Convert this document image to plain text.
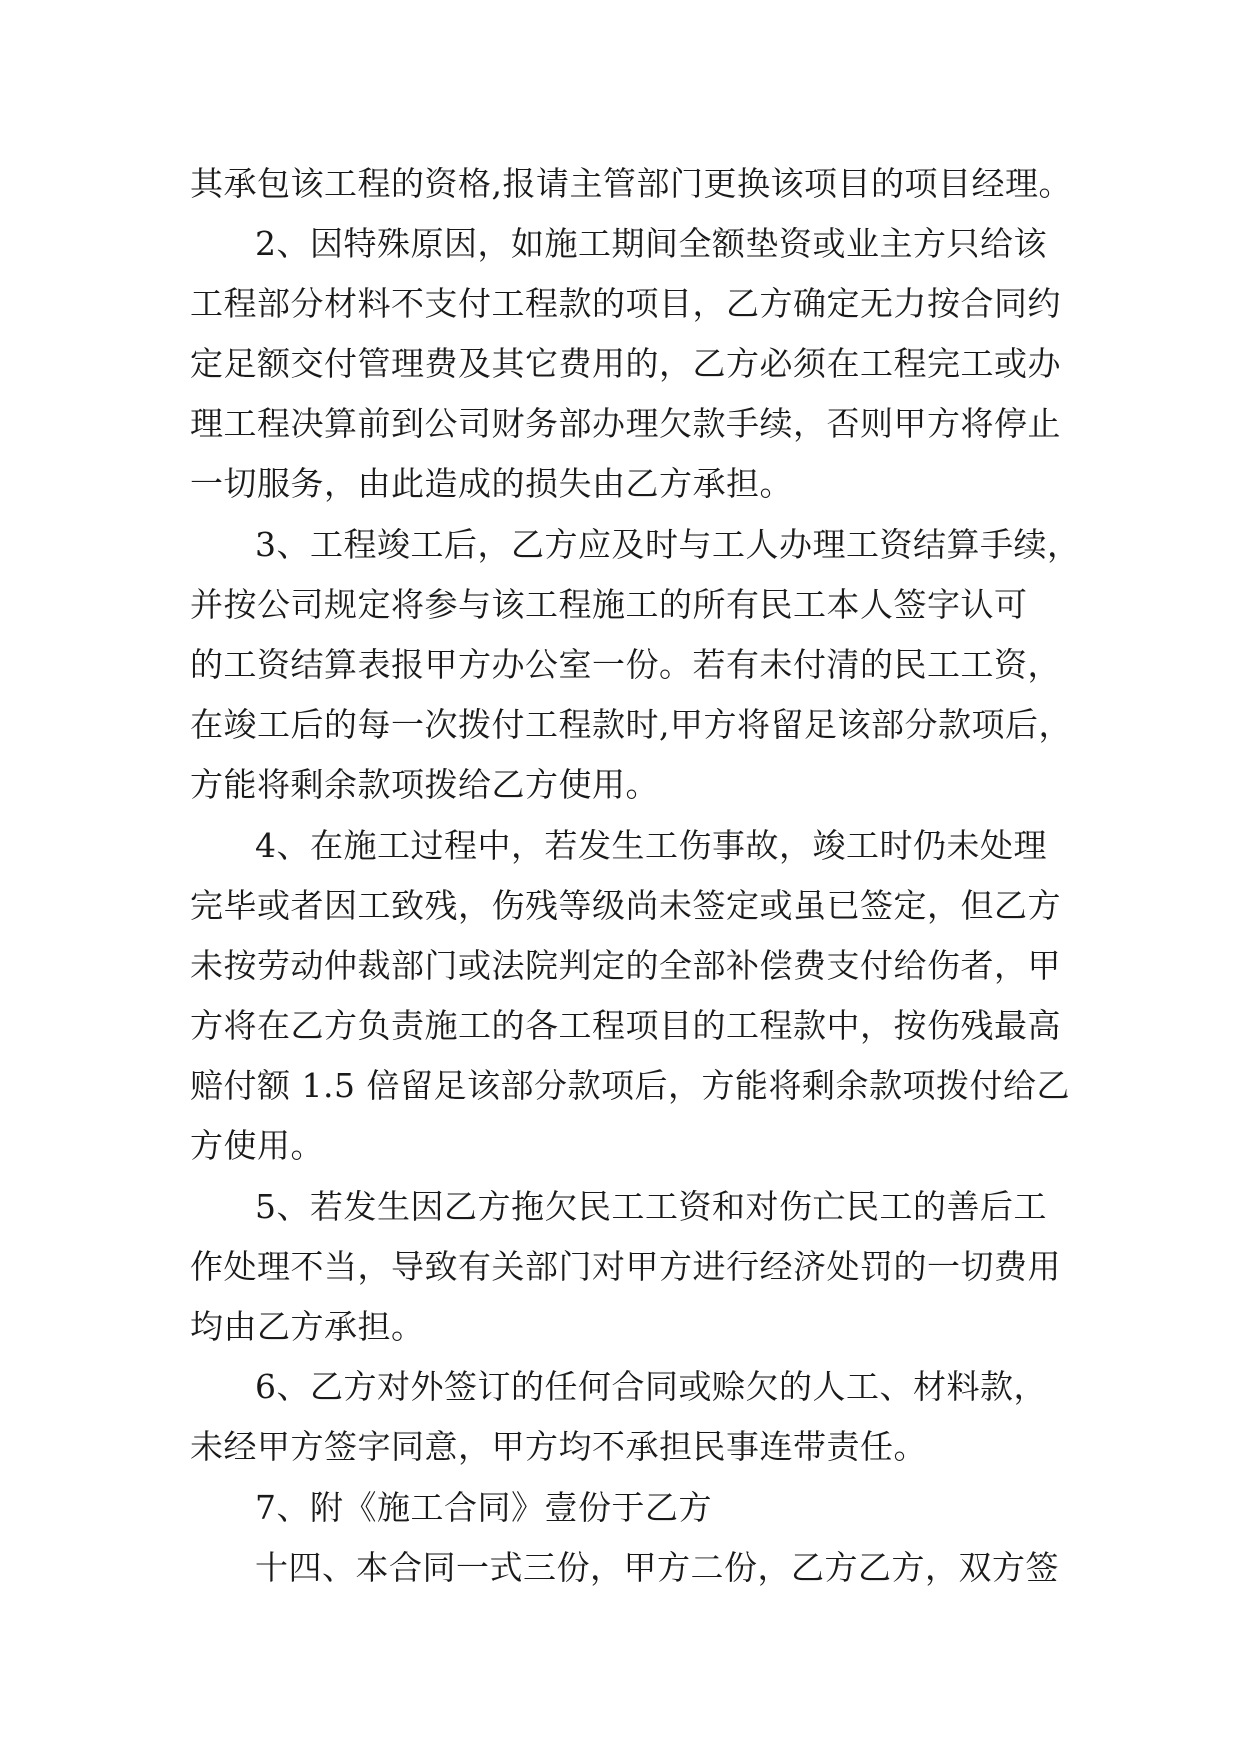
其承包该工程的资格,报请主管部门更换该项目的项目经理。
2、因特殊原因，如施工期间全额垫资或业主方只给该
工程部分材料不支付工程款的项目，乙方确定无力按合同约
定足额交付管理费及其它费用的，乙方必须在工程完工或办
理工程决算前到公司财务部办理欠款手续，否则甲方将停止
一切服务，由此造成的损失由乙方承担。
3、工程竣工后，乙方应及时与工人办理工资结算手续，
并按公司规定将参与该工程施工的所有民工本人签字认可
的工资结算表报甲方办公室一份。若有未付清的民工工资，
在竣工后的每一次拨付工程款时,甲方将留足该部分款项后，
方能将剩余款项拨给乙方使用。
4、在施工过程中，若发生工伤事故，竣工时仍未处理
完毕或者因工致残，伤残等级尚未签定或虽已签定，但乙方
未按劳动仲裁部门或法院判定的全部补偿费支付给伤者，甲
方将在乙方负责施工的各工程项目的工程款中，按伤残最高
赔付额 1.5 倍留足该部分款项后，方能将剩余款项拨付给乙
方使用。
5、若发生因乙方拖欠民工工资和对伤亡民工的善后工
作处理不当，导致有关部门对甲方进行经济处罚的一切费用
均由乙方承担。
6、乙方对外签订的任何合同或赊欠的人工、材料款，
未经甲方签字同意，甲方均不承担民事连带责任。
7、附《施工合同》壹份于乙方
十四、本合同一式三份，甲方二份，乙方乙方，双方签
